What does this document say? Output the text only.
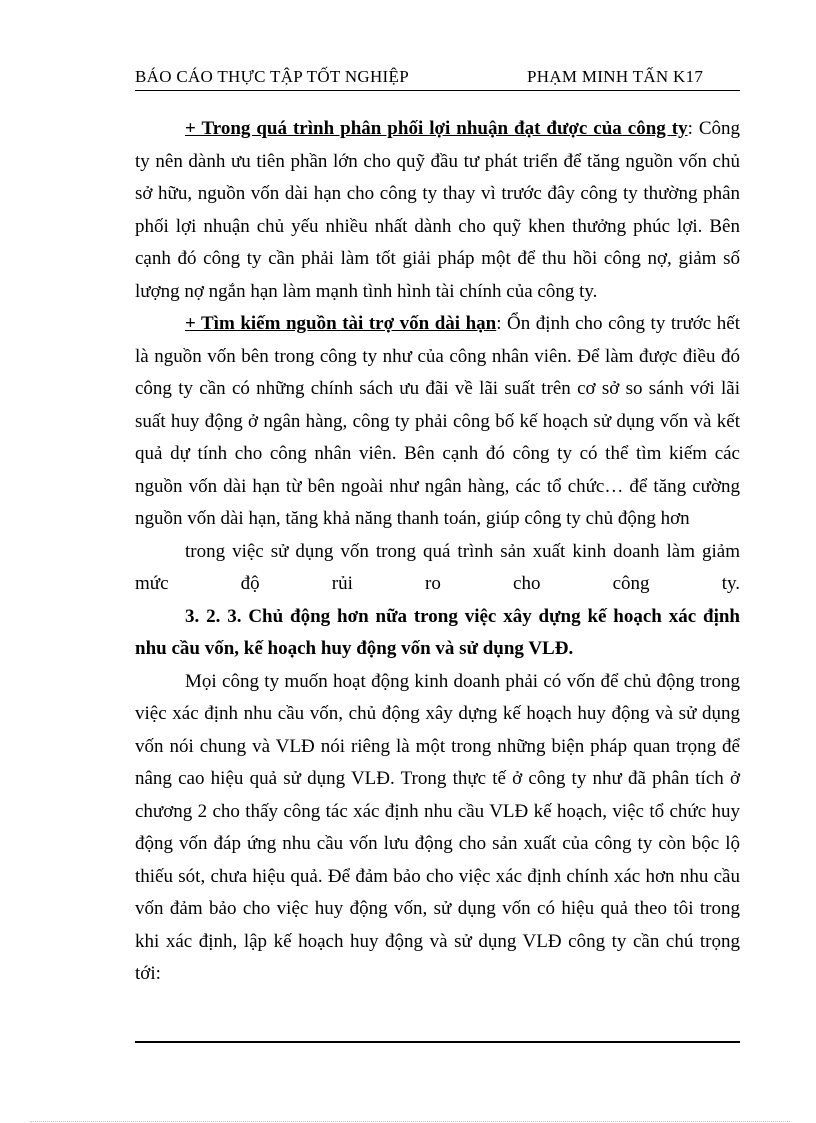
BÁO CÁO THỰC TẬP TỐT NGHIỆP	PHẠM MINH TẤN K17

+ Trong quá trình phân phối lợi nhuận đạt được của công ty: Công ty nên dành ưu tiên phần lớn cho quỹ đầu tư phát triển để tăng nguồn vốn chủ sở hữu, nguồn vốn dài hạn cho công ty thay vì trước đây công ty thường phân phối lợi nhuận chủ yếu nhiều nhất dành cho quỹ khen thưởng phúc lợi. Bên cạnh đó công ty cần phải làm tốt giải pháp một để thu hồi công nợ, giảm số lượng nợ ngắn hạn làm mạnh tình hình tài chính của công ty.

+ Tìm kiếm nguồn tài trợ vốn dài hạn: Ổn định cho công ty trước hết là nguồn vốn bên trong công ty như của công nhân viên. Để làm được điều đó công ty cần có những chính sách ưu đãi về lãi suất trên cơ sở so sánh với lãi suất huy động ở ngân hàng, công ty phải công bố kế hoạch sử dụng vốn và kết quả dự tính cho công nhân viên. Bên cạnh đó công ty có thể tìm kiếm các nguồn vốn dài hạn từ bên ngoài như ngân hàng, các tổ chức… để tăng cường nguồn vốn dài hạn, tăng khả năng thanh toán, giúp công ty chủ động hơn

trong việc sử dụng vốn trong quá trình sản xuất kinh doanh làm giảm mức độ rủi ro cho công ty.

3. 2. 3. Chủ động hơn nữa trong việc xây dựng kế hoạch xác định nhu cầu vốn, kế hoạch huy động vốn và sử dụng VLĐ.

Mọi công ty muốn hoạt động kinh doanh phải có vốn để chủ động trong việc xác định nhu cầu vốn, chủ động xây dựng kế hoạch huy động và sử dụng vốn nói chung và VLĐ nói riêng là một trong những biện pháp quan trọng để nâng cao hiệu quả sử dụng VLĐ. Trong thực tế ở công ty như đã phân tích ở chương 2 cho thấy công tác xác định nhu cầu VLĐ kế hoạch, việc tổ chức huy động vốn đáp ứng nhu cầu vốn lưu động cho sản xuất của công ty còn bộc lộ thiếu sót, chưa hiệu quả. Để đảm bảo cho việc xác định chính xác hơn nhu cầu vốn đảm bảo cho việc huy động vốn, sử dụng vốn có hiệu quả theo tôi trong khi xác định, lập kế hoạch huy động và sử dụng VLĐ công ty cần chú trọng tới:
